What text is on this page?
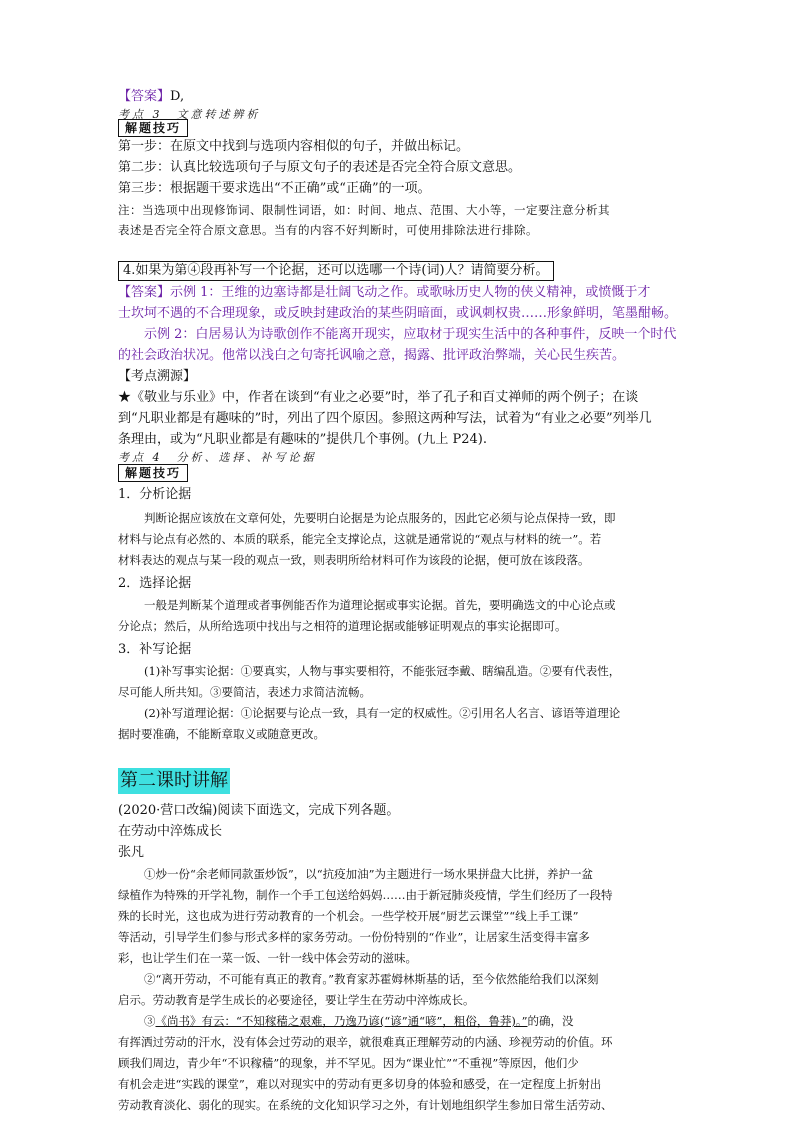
【答案】D,
考点 3　文意转述辨析
解题技巧
第一步：在原文中找到与选项内容相似的句子，并做出标记。
第二步：认真比较选项句子与原文句子的表述是否完全符合原文意思。
第三步：根据题干要求选出“不正确”或“正确”的一项。
注：当选项中出现修饰词、限制性词语，如：时间、地点、范围、大小等，一定要注意分析其
表述是否完全符合原文意思。当有的内容不好判断时，可使用排除法进行排除。
4.如果为第④段再补写一个论据，还可以选哪一个诗(词)人？请简要分析。
【答案】示例 1：王维的边塞诗都是壮阔飞动之作。或歌咏历史人物的侠义精神，或愤慨于才
士坎坷不遇的不合理现象，或反映封建政治的某些阴暗面，或讽刺权贵……形象鲜明，笔墨酣畅。
示例 2：白居易认为诗歌创作不能离开现实，应取材于现实生活中的各种事件，反映一个时代
的社会政治状况。他常以浅白之句寄托讽喻之意，揭露、批评政治弊端，关心民生疾苦。
【考点溯源】
★《敬业与乐业》中，作者在谈到“有业之必要”时，举了孔子和百丈禅师的两个例子；在谈
到“凡职业都是有趣味的”时，列出了四个原因。参照这两种写法，试着为“有业之必要”列举几
条理由，或为“凡职业都是有趣味的”提供几个事例。(九上 P24).
考点 4　分析、选择、补写论据
解题技巧
1．分析论据
判断论据应该放在文章何处，先要明白论据是为论点服务的，因此它必须与论点保持一致，即
材料与论点有必然的、本质的联系，能完全支撑论点，这就是通常说的“观点与材料的统一”。若
材料表达的观点与某一段的观点一致，则表明所给材料可作为该段的论据，便可放在该段落。
2．选择论据
一般是判断某个道理或者事例能否作为道理论据或事实论据。首先，要明确选文的中心论点或
分论点；然后，从所给选项中找出与之相符的道理论据或能够证明观点的事实论据即可。
3．补写论据
(1)补写事实论据：①要真实，人物与事实要相符，不能张冠李戴、瞎编乱造。②要有代表性，
尽可能人所共知。③要简洁，表述力求简洁流畅。
(2)补写道理论据：①论据要与论点一致，具有一定的权威性。②引用名人名言、谚语等道理论
据时要准确，不能断章取义或随意更改。
第二课时讲解
(2020·营口改编)阅读下面选文，完成下列各题。
在劳动中淬炼成长
张凡
①炒一份“余老师同款蛋炒饭”，以“抗疫加油”为主题进行一场水果拼盘大比拼，养护一盆
绿植作为特殊的开学礼物，制作一个手工包送给妈妈……由于新冠肺炎疫情，学生们经历了一段特
殊的长时光，这也成为进行劳动教育的一个机会。一些学校开展“厨艺云课堂”“线上手工课”
等活动，引导学生们参与形式多样的家务劳动。一份份特别的“作业”，让居家生活变得丰富多
彩，也让学生们在一菜一饭、一针一线中体会劳动的滋味。
②“离开劳动，不可能有真正的教育。”教育家苏霍姆林斯基的话，至今依然能给我们以深刻
启示。劳动教育是学生成长的必要途径，要让学生在劳动中淬炼成长。
③《尚书》有云：“不知稼穑之艰难，乃逸乃谚(“谚”通“喭”，粗俗，鲁莽)。”的确，没
有挥洒过劳动的汗水，没有体会过劳动的艰辛，就很难真正理解劳动的内涵、珍视劳动的价值。环
顾我们周边，青少年“不识稼穑”的现象，并不罕见。因为“课业忙”“不重视”等原因，他们少
有机会走进“实践的课堂”，难以对现实中的劳动有更多切身的体验和感受，在一定程度上折射出
劳动教育淡化、弱化的现实。在系统的文化知识学习之外，有计划地组织学生参加日常生活劳动、
